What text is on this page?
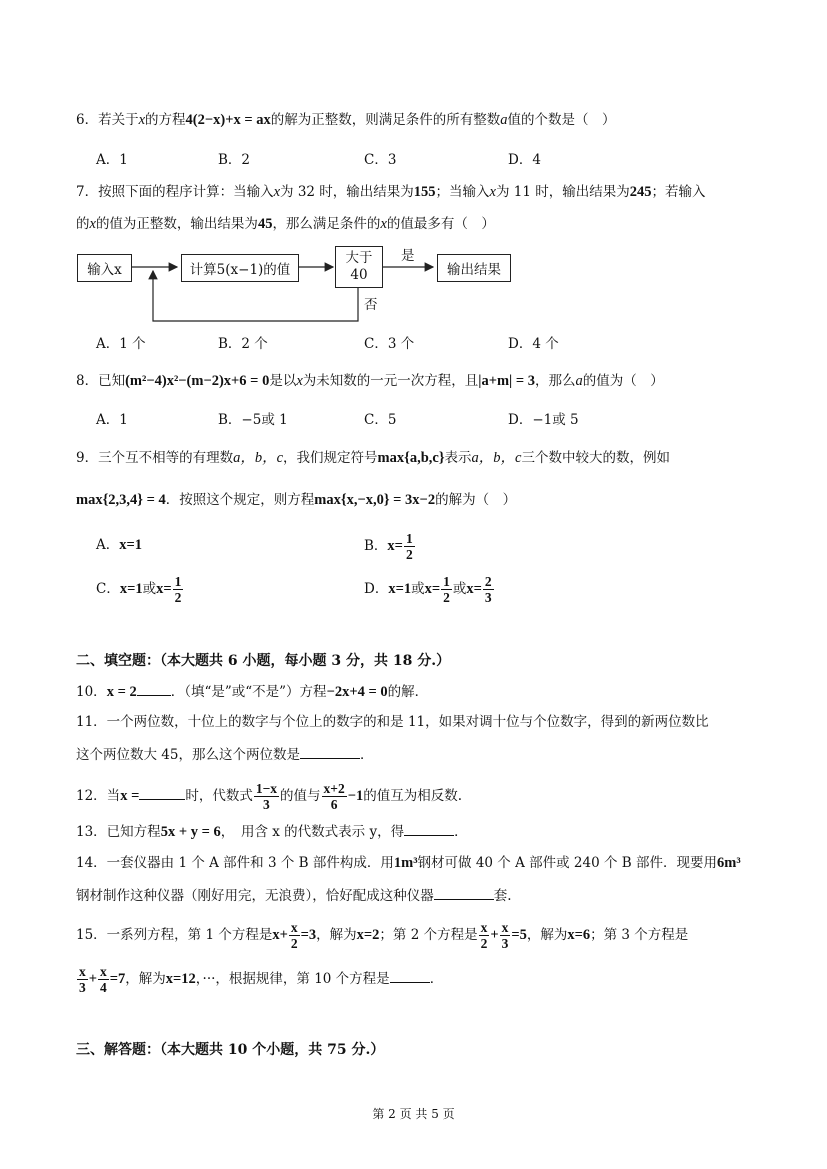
6．若关于x的方程4(2−x)+x = ax的解为正整数，则满足条件的所有整数a值的个数是（　）
A．1	B．2	C．3	D．4
7．按照下面的程序计算：当输入x为 32 时，输出结果为155；当输入x为 11 时，输出结果为245；若输入
的x的值为正整数，输出结果为45，那么满足条件的x的值最多有（　）
输入x	计算5(x−1)的值
大于
40	输出结果
是
否
A．1 个	B．2 个	C．3 个	D．4 个
8．已知(m²−4)x²−(m−2)x+6 = 0是以x为未知数的一元一次方程，且|a+m| = 3，那么a的值为（　）
A．1	B．−5或 1	C．5	D．−1或 5
9．三个互不相等的有理数a，b，c，我们规定符号max{a,b,c}表示a，b，c三个数中较大的数，例如
max{2,3,4} = 4．按照这个规定，则方程max{x,−x,0} = 3x−2的解为（　）
A．x=1	B．$x= \frac{1}{2}$
C．x=1或$x= \frac{1}{2}$	D．x=1或$x= \frac{1}{2}$ 或$x= \frac{2}{3}$
二、填空题：（本大题共 6 小题，每小题 3 分，共 18 分.）
10．x = 2	．（填“是”或“不是”）方程−2x+4 = 0的解．
11．一个两位数，十位上的数字与个位上的数字的和是 11，如果对调十位与个位数字，得到的新两位数比
这个两位数大 45，那么这个两位数是	．
12．当x =	时，代数式 $\frac{1-x}{3}$ 的值与 $\frac{x+2}{6} -1$的值互为相反数.
13．已知方程5x + y = 6，　用含 x 的代数式表示 y，得	．
14．一套仪器由 1 个 A 部件和 3 个 B 部件构成．用1m³钢材可做 40 个 A 部件或 240 个 B 部件．现要用6m³
钢材制作这种仪器（刚好用完，无浪费），恰好配成这种仪器	套.
15．一系列方程，第 1 个方程是$x+ \frac{x}{2} =3$，解为x=2；第 2 个方程是 $\frac{x}{2} + \frac{x}{3} =5$，解为x=6；第 3 个方程是
$\frac{x}{3} + \frac{x}{4} =7$，解为x=12，···，根据规律，第 10 个方程是	．
三、解答题：（本大题共 10 个小题，共 75 分.）
第 2 页 共 5 页
